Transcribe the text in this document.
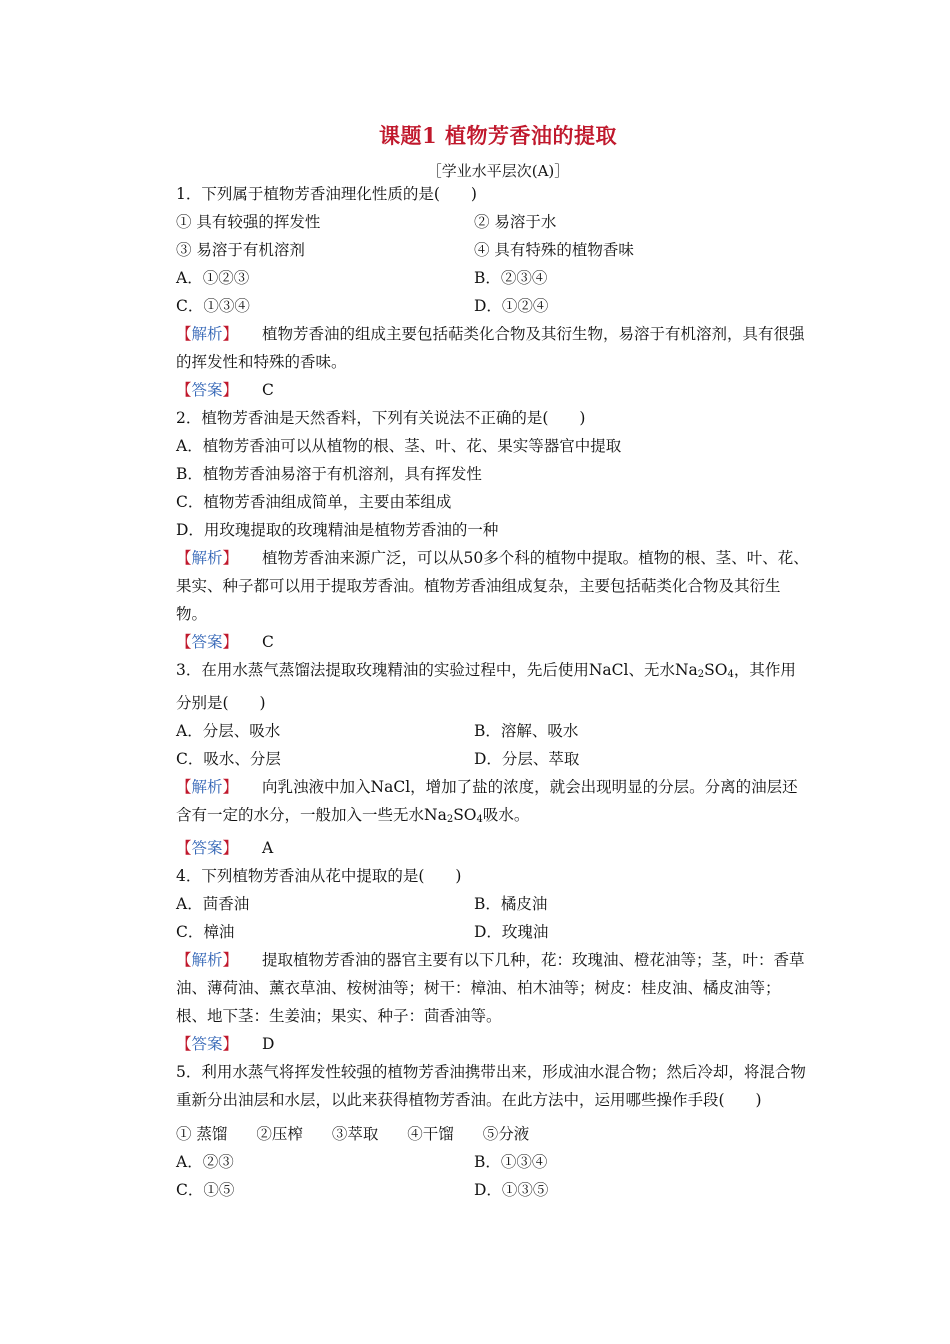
课题1 植物芳香油的提取
［学业水平层次(A)］
1．下列属于植物芳香油理化性质的是(　　)
① 具有较强的挥发性	② 易溶于水
③ 易溶于有机溶剂	④ 具有特殊的植物香味
A．①②③	B．②③④
C．①③④	D．①②④
【解析】 植物芳香油的组成主要包括萜类化合物及其衍生物，易溶于有机溶剂，具有很强的挥发性和特殊的香味。
【答案】 C
2．植物芳香油是天然香料，下列有关说法不正确的是(　　)
A．植物芳香油可以从植物的根、茎、叶、花、果实等器官中提取
B．植物芳香油易溶于有机溶剂，具有挥发性
C．植物芳香油组成简单，主要由苯组成
D．用玫瑰提取的玫瑰精油是植物芳香油的一种
【解析】 植物芳香油来源广泛，可以从50多个科的植物中提取。植物的根、茎、叶、花、果实、种子都可以用于提取芳香油。植物芳香油组成复杂，主要包括萜类化合物及其衍生物。
【答案】 C
3．在用水蒸气蒸馏法提取玫瑰精油的实验过程中，先后使用NaCl、无水$Na_2SO_4$，其作用分别是(　　)
A．分层、吸水	B．溶解、吸水
C．吸水、分层	D．分层、萃取
【解析】 向乳浊液中加入NaCl，增加了盐的浓度，就会出现明显的分层。分离的油层还含有一定的水分，一般加入一些无水$Na_2SO_4$吸水。
【答案】 A
4．下列植物芳香油从花中提取的是(　　)
A．茴香油	B．橘皮油
C．樟油	D．玫瑰油
【解析】 提取植物芳香油的器官主要有以下几种，花：玫瑰油、橙花油等；茎，叶：香草油、薄荷油、薰衣草油、桉树油等；树干：樟油、柏木油等；树皮：桂皮油、橘皮油等；根、地下茎：生姜油；果实、种子：茴香油等。
【答案】 D
5．利用水蒸气将挥发性较强的植物芳香油携带出来，形成油水混合物；然后冷却，将混合物重新分出油层和水层，以此来获得植物芳香油。在此方法中，运用哪些操作手段(　　)
① 蒸馏 ②压榨 ③萃取 ④干馏 ⑤分液
A．②③	B．①③④
C．①⑤	D．①③⑤
